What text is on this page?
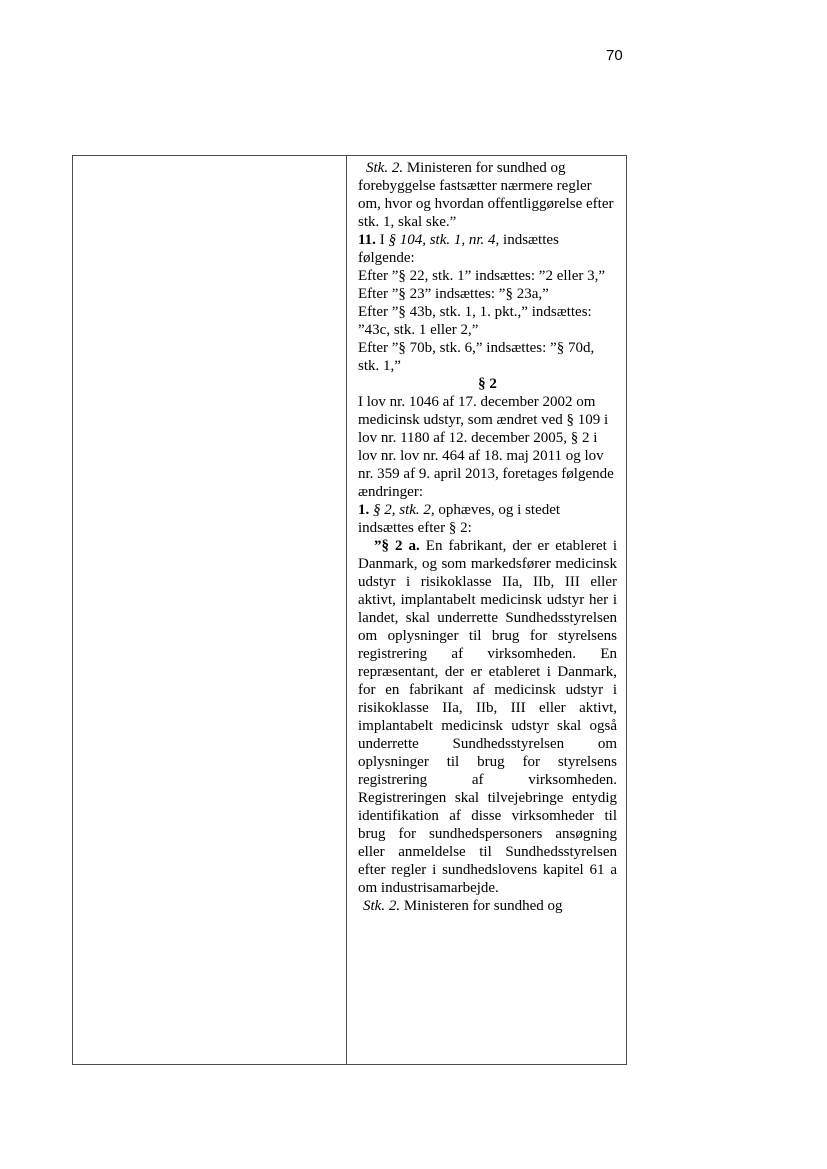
70

Stk. 2. Ministeren for sundhed og forebyggelse fastsætter nærmere regler om, hvor og hvordan offentliggørelse efter stk. 1, skal ske.”

11. I § 104, stk. 1, nr. 4, indsættes følgende:

Efter ”§ 22, stk. 1” indsættes: ”2 eller 3,”

Efter ”§ 23” indsættes: ”§ 23a,”

Efter ”§ 43b, stk. 1, 1. pkt.,” indsættes: ”43c, stk. 1 eller 2,”

Efter ”§ 70b, stk. 6,” indsættes: ”§ 70d, stk. 1,”

§ 2

I lov nr. 1046 af 17. december 2002 om medicinsk udstyr, som ændret ved § 109 i lov nr. 1180 af 12. december 2005, § 2 i lov nr. lov nr. 464 af 18. maj 2011 og lov nr. 359 af 9. april 2013, foretages følgende ændringer:

1. § 2, stk. 2, ophæves, og i stedet indsættes efter § 2:

”§ 2 a. En fabrikant, der er etableret i Danmark, og som markedsfører medicinsk udstyr i risikoklasse IIa, IIb, III eller aktivt, implantabelt medicinsk udstyr her i landet, skal underrette Sundhedsstyrelsen om oplysninger til brug for styrelsens registrering af virksomheden. En repræsentant, der er etableret i Danmark, for en fabrikant af medicinsk udstyr i risikoklasse IIa, IIb, III eller aktivt, implantabelt medicinsk udstyr skal også underrette Sundhedsstyrelsen om oplysninger til brug for styrelsens registrering af virksomheden. Registreringen skal tilvejebringe entydig identifikation af disse virksomheder til brug for sundhedspersoners ansøgning eller anmeldelse til Sundhedsstyrelsen efter regler i sundhedslovens kapitel 61 a om industrisamarbejde.

Stk. 2. Ministeren for sundhed og
